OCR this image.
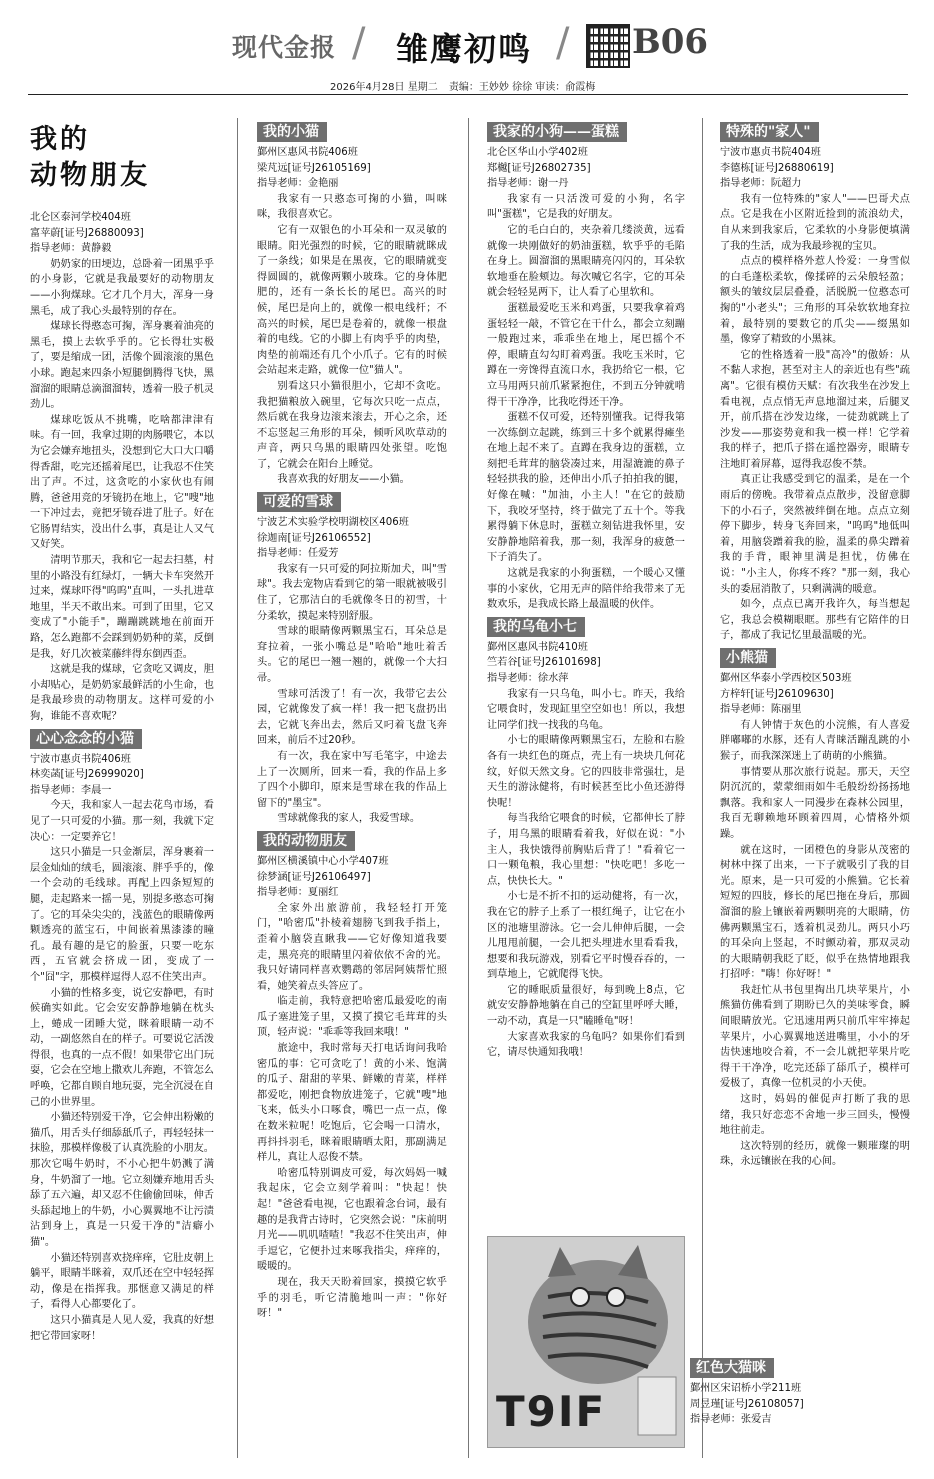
现代金报 / 雏鹰初鸣 / B06
2026年4月28日 星期二 责编：王妙妙 徐徐 审读：俞霞梅
我的
动物朋友

北仑区泰河学校404班

富苹蔚[证号J26880093]

指导老师：黄静毅

奶奶家的田埂边，总卧着一团黑乎乎的小身影，它就是我最要好的动物朋友——小狗煤球。它才几个月大，浑身一身黑毛，成了我心头最特别的存在。

煤球长得憨态可掬，浑身裹着油亮的黑毛，摸上去软乎乎的。它长得壮实极了，要是缩成一团，活像个圆滚滚的黑色小球。跑起来四条小短腿倒腾得飞快，黑溜溜的眼睛总滴溜溜转，透着一股子机灵劲儿。

煤球吃饭从不挑嘴，吃啥都津津有味。有一回，我拿过期的肉肠喂它，本以为它会嫌弃地扭头，没想到它大口大口嚼得香甜，吃完还摇着尾巴，让我忍不住笑出了声。不过，这贪吃的小家伙也有闹腾，爸爸用竞的牙镜扔在地上，它"嗖"地一下冲过去，竟把牙镜吞进了肚子。好在它肠胃结实，没出什么事，真是让人又气又好笑。

清明节那天，我和它一起去扫墓，村里的小路没有红绿灯，一辆大卡车突然开过来，煤球吓得"呜呜"直叫，一头扎进草地里，半天不敢出来。可到了田里，它又变成了"小能手"，蹦蹦跳跳地在前面开路，怎么跑都不会踩到奶奶种的菜，反倒是我，好几次被菜藤绊得东倒西歪。

这就是我的煤球，它贪吃又调皮，胆小却贴心，是奶奶家最鲜活的小生命，也是我最珍贵的动物朋友。这样可爱的小狗，谁能不喜欢呢？

心心念念的小猫

宁波市惠贞书院406班

林奕菡[证号J26999020]

指导老师：李晨一

今天，我和家人一起去花鸟市场，看见了一只可爱的小猫。那一刻，我就下定决心：一定要养它！

这只小猫是一只金渐层，浑身裹着一层金灿灿的绒毛，圆滚滚、胖乎乎的，像一个会动的毛线球。再配上四条短短的腿，走起路来一摇一晃，别提多憨态可掬了。它的耳朵尖尖的，浅蓝色的眼睛像两颗透亮的蓝宝石，中间嵌着黑漆漆的瞳孔。最有趣的是它的脸蛋，只要一吃东西，五官就会挤成一团，变成了一个"囧"字，那模样逗得人忍不住笑出声。

小猫的性格多变，说它安静吧，有时候确实如此。它会安安静静地躺在枕头上，蜷成一团睡大觉，眯着眼睛一动不动，一副悠然自在的样子。可要说它活泼得很，也真的一点不假！如果带它出门玩耍，它会在空地上撒欢儿奔跑，不管怎么呼唤，它都自顾自地玩耍，完全沉浸在自己的小世界里。

小猫还特别爱干净，它会伸出粉嫩的猫爪，用舌头仔细舔舐爪子，再轻轻抹一抹脸，那模样像极了认真洗脸的小朋友。那次它喝牛奶时，不小心把牛奶溅了满身，牛奶溜了一地。它立刻嫌弃地用舌头舔了五六遍，却又忍不住偷偷回味，伸舌头舔起地上的牛奶，小心翼翼地不让污渍沾到身上，真是一只爱干净的"洁癖小猫"。

小猫还特别喜欢挠痒痒，它肚皮朝上躺平，眼睛半眯着，双爪还在空中轻轻挥动，像是在指挥我。那惬意又满足的样子，看得人心都要化了。

这只小猫真是人见人爱，我真的好想把它带回家呀！

我的小猫

鄞州区惠风书院406班

梁芃远[证号J26105169]

指导老师：金艳丽

我家有一只憨态可掬的小猫，叫咪咪，我很喜欢它。

它有一双银色的小耳朵和一双灵敏的眼睛。阳光强烈的时候，它的眼睛就眯成了一条线；如果是在黑夜，它的眼睛就变得圆圆的，就像两颗小玻珠。它的身体肥肥的，还有一条长长的尾巴。高兴的时候，尾巴是向上的，就像一根电线杆；不高兴的时候，尾巴是卷着的，就像一根盘着的电线。它的小脚上有肉乎乎的肉垫，肉垫的前端还有几个小爪子。它有的时候会站起来走路，就像一位"猫人"。

别看这只小猫很胆小，它却不贪吃。我把猫粮放入碗里，它每次只吃一点点，然后就在我身边滚来滚去，开心之余，还不忘竖起三角形的耳朵，倾听风吹草动的声音，两只乌黑的眼睛四处张望。吃饱了，它就会在阳台上睡觉。

我喜欢我的好朋友——小猫。

可爱的雪球

宁波艺术实验学校明湖校区406班

徐迦南[证号J26106552]

指导老师：任爱芳

我家有一只可爱的阿拉斯加犬，叫"雪球"。我去宠物店看到它的第一眼就被吸引住了，它那洁白的毛就像冬日的初雪，十分柔软，摸起来特别舒服。

雪球的眼睛像两颗黑宝石，耳朵总是耷拉着，一张小嘴总是"哈哈"地吐着舌头。它的尾巴一翘一翘的，就像一个大扫帚。

雪球可活泼了！有一次，我带它去公园，它就像发了疯一样！我一把飞盘扔出去，它就飞奔出去，然后又叼着飞盘飞奔回来，前后不过20秒。

有一次，我在家中写毛笔字，中途去上了一次厕所，回来一看，我的作品上多了四个小脚印，原来是雪球在我的作品上留下的"墨宝"。

雪球就像我的家人，我爱雪球。

我的动物朋友

鄞州区横溪镇中心小学407班

徐梦涵[证号J26106497]

指导老师：夏丽红

全家外出旅游前，我轻轻打开笼门，"哈密瓜"扑棱着翅膀飞到我手指上，歪着小脑袋直瞅我——它好像知道我要走，黑亮亮的眼睛里闪着依依不舍的光。我只好请同样喜欢鹦鹉的邻居阿姨帮忙照看，她笑着点头答应了。

临走前，我特意把哈密瓜最爱吃的南瓜子塞进笼子里，又摸了摸它毛茸茸的头顶，轻声说："乖乖等我回来哦！"

旅途中，我时常每天打电话询问我哈密瓜的事：它可贪吃了！黄的小米、饱满的瓜子、甜甜的苹果、鲜嫩的青菜，样样都爱吃，刚把食物放进笼子，它就"嗖"地飞来，低头小口啄食，嘴巴一点一点，像在数米粒呢！吃饱后，它会喝一口清水，再抖抖羽毛，眯着眼睛晒太阳，那副满足样儿，真让人忍俊不禁。

哈密瓜特别调皮可爱，每次妈妈一喊我起床，它会立刻学着叫："快起！快起！"爸爸看电视，它也跟着念台词，最有趣的是我背古诗时，它突然会说："床前明月光——叽叽喳喳！"我忍不住笑出声，伸手逗它，它便扑过来啄我指尖，痒痒的，暖暖的。

现在，我天天盼着回家，摸摸它软乎乎的羽毛，听它清脆地叫一声："你好呀！"

我家的小狗——蛋糕

北仑区华山小学402班

郑樾[证号J26802735]

指导老师：谢一丹

我家有一只活泼可爱的小狗，名字叫"蛋糕"，它是我的好朋友。

它的毛白白的，夹杂着几缕淡黄，远看就像一块刚做好的奶油蛋糕，软乎乎的毛陷在身上。圆溜溜的黑眼睛亮闪闪的，耳朵软软地垂在脸颊边。每次喊它名字，它的耳朵就会轻轻晃两下，让人看了心里软和。

蛋糕最爱吃玉米和鸡蛋，只要我拿着鸡蛋轻轻一敲，不管它在干什么，都会立刻蹦一般跑过来，乖乖坐在地上，尾巴摇个不停，眼睛直勾勾盯着鸡蛋。我吃玉米时，它蹲在一旁馋得直流口水，我扔给它一根，它立马用两只前爪紧紧抱住，不到五分钟就啃得干干净净，比我吃得还干净。

蛋糕不仅可爱，还特别懂我。记得我第一次练倒立起跳，练到三十多个就累得瘫坐在地上起不来了。直蹲在我身边的蛋糕，立刻把毛茸茸的脑袋凑过来，用湿漉漉的鼻子轻轻拱我的脸，还伸出小爪子拍拍我的腿，好像在喊："加油，小主人！"在它的鼓励下，我咬牙坚持，终于做完了五十个。等我累得躺下休息时，蛋糕立刻钻进我怀里，安安静静地陪着我，那一刻，我浑身的疲惫一下子消失了。

这就是我家的小狗蛋糕，一个暖心又懂事的小家伙，它用无声的陪伴给我带来了无数欢乐，是我成长路上最温暖的伙伴。

我的乌龟小七

鄞州区惠风书院410班

竺若谷[证号J26101698]

指导老师：徐水萍

我家有一只乌龟，叫小七。昨天，我给它喂食时，发现缸里空空如也！所以，我想让同学们找一找我的乌龟。

小七的眼睛像两颗黑宝石，左脸和右脸各有一块红色的斑点，壳上有一块块几何花纹，好似天然文身。它的四肢非常强壮，是天生的游泳健将，有时候甚至比小鱼还游得快呢！

每当我给它喂食的时候，它都伸长了脖子，用乌黑的眼睛看着我，好似在说："小主人，我快饿得前胸贴后背了！"看着它一口一颗龟粮，我心里想："快吃吧！多吃一点，快快长大。"

小七是不折不扣的运动健将，有一次，我在它的脖子上系了一根红绳子，让它在小区的池塘里游泳。它一会儿伸伸后腿，一会儿甩甩前腿，一会儿把头埋进水里看看我，想要和我玩游戏，别看它平时慢吞吞的，一到草地上，它就爬得飞快。

它的睡眠质量很好，每到晚上8点，它就安安静静地躺在自己的空缸里呼呼大睡，一动不动，真是一只"瞌睡龟"呀！

大家喜欢我家的乌龟吗？如果你们看到它，请尽快通知我哦！

T9IF
特殊的"家人"

宁波市惠贞书院404班

李德栋[证号J26880619]

指导老师：阮超力

我有一位特殊的"家人"——巴哥犬点点。它是我在小区附近捡到的流浪幼犬，自从来到我家后，它柔软的小身影便填满了我的生活，成为我最珍视的宝贝。

点点的模样格外惹人怜爱：一身雪似的白毛蓬松柔软，像揉碎的云朵般轻盈；额头的皱纹层层叠叠，活脱脱一位憨态可掬的"小老头"；三角形的耳朵软软地耷拉着，最特别的要数它的爪尖——缀黑如墨，像穿了精致的小黑袜。

它的性格透着一股"高冷"的傲娇：从不黏人求抱，甚至对主人的亲近也有些"疏离"。它很有模仿天赋：有次我坐在沙发上看电视，点点悄无声息地溜过来，后腿叉开，前爪搭在沙发边缘，一徒劲就跳上了沙发——那姿势竟和我一模一样！它学着我的样子，把爪子搭在遥控器旁，眼睛专注地盯着屏幕，逗得我忍俊不禁。

真正让我感受到它的温柔，是在一个雨后的傍晚。我带着点点散步，没留意脚下的小石子，突然被绊倒在地。点点立刻停下脚步，转身飞奔回来，"呜呜"地低叫着，用脑袋蹭着我的脸，温柔的鼻尖蹭着我的手背，眼神里满是担忧，仿佛在说："小主人，你疼不疼？"那一刻，我心头的委屈消散了，只剩满满的暖意。

如今，点点已离开我许久，每当想起它，我总会模糊眼眶。那些有它陪伴的日子，都成了我记忆里最温暖的光。

小熊猫

鄞州区华泰小学西校区503班

方梓轩[证号J26109630]

指导老师：陈丽里

有人钟情于灰色的小浣熊，有人喜爱胖嘟嘟的水豚，还有人青睐活蹦乱跳的小猴子，而我深深迷上了萌萌的小熊猫。

事情要从那次旅行说起。那天，天空阴沉沉的，蒙蒙细雨如牛毛般纷纷扬扬地飘落。我和家人一同漫步在森林公园里，我百无聊赖地环顾着四周，心情格外烦躁。

就在这时，一团橙色的身影从茂密的树林中探了出来，一下子就吸引了我的目光。原来，是一只可爱的小熊猫。它长着短短的四肢，修长的尾巴拖在身后，那圆溜溜的脸上镶嵌着两颗明亮的大眼睛，仿佛两颗黑宝石，透着机灵劲儿。两只小巧的耳朵向上竖起，不时颤动着，那双灵动的大眼睛朝我眨了眨，似乎在热情地跟我打招呼："嗨！你好呀！"

我赶忙从书包里掏出几块苹果片，小熊猫仿佛看到了期盼已久的美味零食，瞬间眼睛放光。它迅速用两只前爪牢牢捧起苹果片，小心翼翼地送进嘴里，小小的牙齿快速地咬合着，不一会儿就把苹果片吃得干干净净，吃完还舔了舔爪子，模样可爱极了，真像一位机灵的小天使。

这时，妈妈的催促声打断了我的思绪，我只好恋恋不舍地一步三回头，慢慢地往前走。

这次特别的经历，就像一颗璀璨的明珠，永远镶嵌在我的心间。

红色大猫咪

鄞州区宋诏桥小学211班

周昱瑾[证号J26108057]

指导老师：张爱吉
